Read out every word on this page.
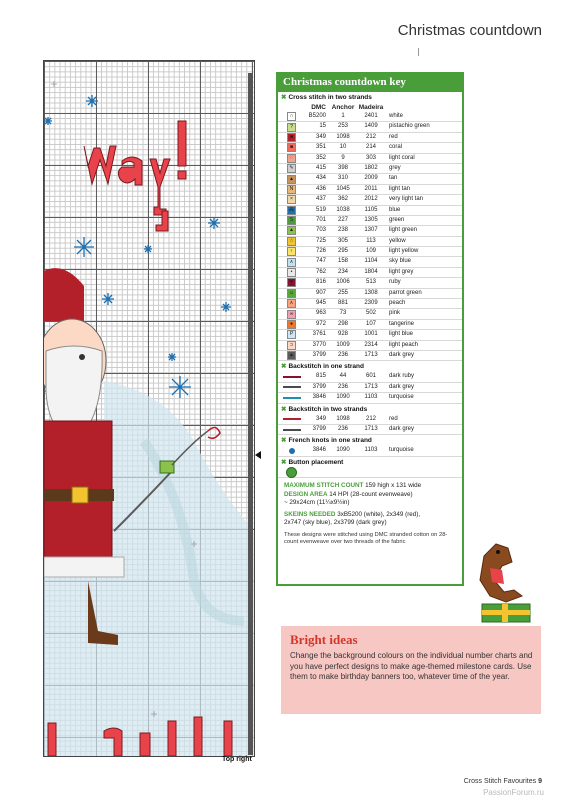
Christmas countdown
Top right
Christmas countdown key
✖ Cross stitch in two strands
DMC Anchor Madeira
∩	B5200	1	2401	white
?	15	253	1409	pistachio green
■	349	1098	212	red
■	351	10	214	coral
♡	352	9	303	light coral
✎	415	398	1802	grey
▲	434	310	2009	tan
N	436	1045	2011	light tan
×	437	362	2012	very light tan
⁂	519	1038	1105	blue
S	701	227	1305	green
▲	703	238	1307	light green
☆	725	305	113	yellow
♀	726	295	109	light yellow
∧	747	158	1104	sky blue
•	762	234	1804	light grey
♥	816	1006	513	ruby
☺	907	255	1308	parrot green
∧	945	881	2309	peach
∞	963	73	502	pink
●	972	298	107	tangerine
P	3761	928	1001	light blue
ɔ	3770	1009	2314	light peach
▲	3799	236	1713	dark grey
✖ Backstitch in one strand
815	44	601	dark ruby
3799	236	1713	dark grey
3846	1090	1103	turquoise
✖ Backstitch in two strands
349	1098	212	red
3799	236	1713	dark grey
✖ French knots in one strand
3846	1090	1103	turquoise
✖ Button placement
MAXIMUM STITCH COUNT 159 high x 131 wide
DESIGN AREA 14 HPI (28-count evenweave)
~ 29x24cm (11¼x9½in)
SKEINS NEEDED 3xB5200 (white), 2x349 (red),
2x747 (sky blue), 2x3799 (dark grey)
These designs were stitched using DMC stranded cotton on 28-count evenweave over two threads of the fabric
Bright ideas

Change the background colours on the individual number charts and you have perfect designs to make age-themed milestone cards. Use them to make birthday banners too, whatever time of the year.

Cross Stitch Favourites 9
PassionForum.ru
